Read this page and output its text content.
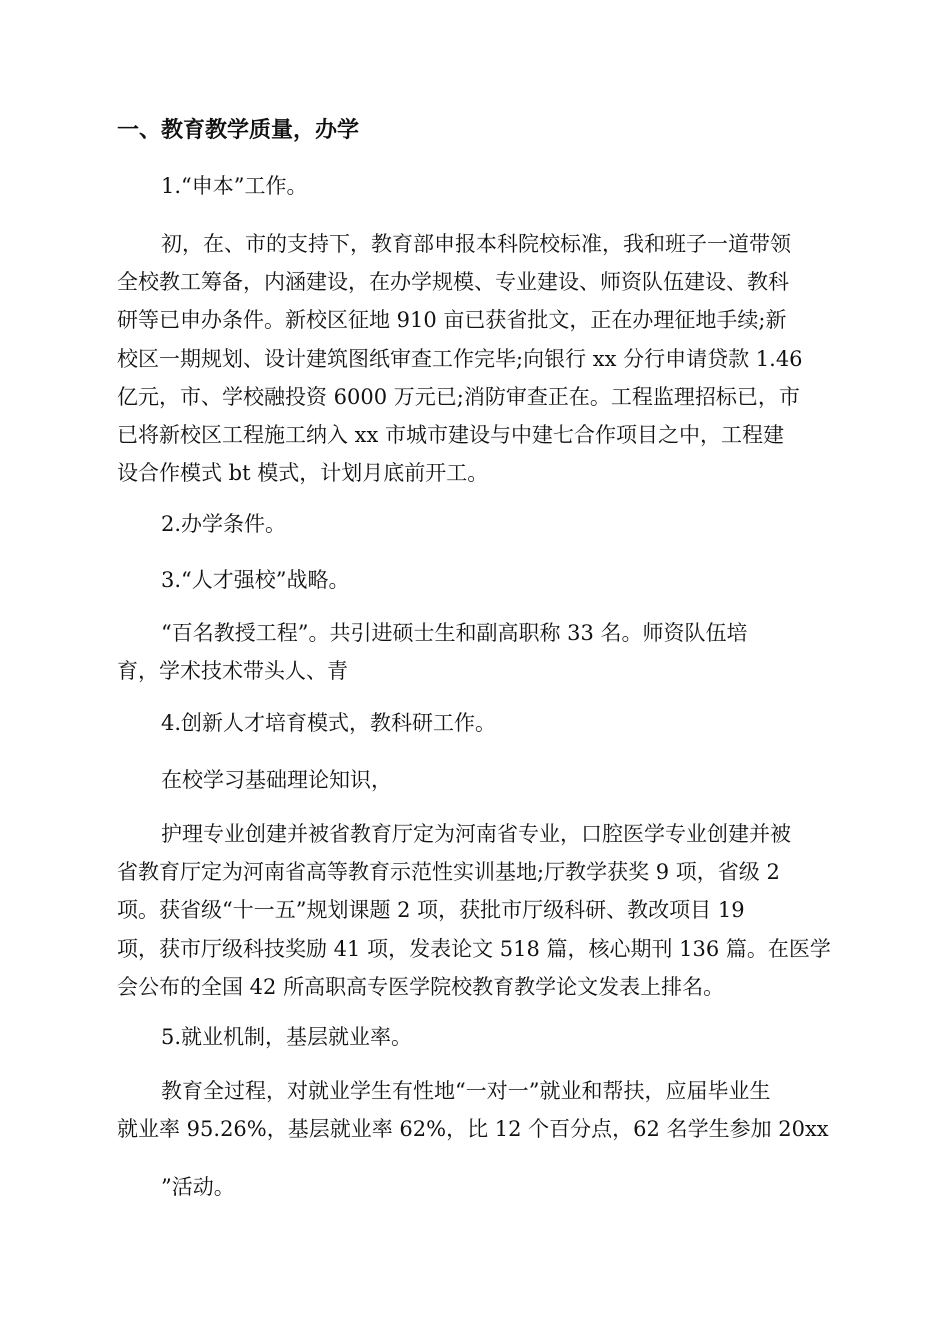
一、教育教学质量，办学

1.“申本”工作。

初，在、市的支持下，教育部申报本科院校标准，我和班子一道带领
全校教工筹备，内涵建设，在办学规模、专业建设、师资队伍建设、教科
研等已申办条件。新校区征地 910 亩已获省批文，正在办理征地手续;新
校区一期规划、设计建筑图纸审查工作完毕;向银行 xx 分行申请贷款 1.46
亿元，市、学校融投资 6000 万元已;消防审查正在。工程监理招标已，市
已将新校区工程施工纳入 xx 市城市建设与中建七合作项目之中，工程建
设合作模式 bt 模式，计划月底前开工。

2.办学条件。

3.“人才强校”战略。

“百名教授工程”。共引进硕士生和副高职称 33 名。师资队伍培
育，学术技术带头人、青

4.创新人才培育模式，教科研工作。

在校学习基础理论知识，

护理专业创建并被省教育厅定为河南省专业，口腔医学专业创建并被
省教育厅定为河南省高等教育示范性实训基地;厅教学获奖 9 项，省级 2
项。获省级“十一五”规划课题 2 项，获批市厅级科研、教改项目 19
项，获市厅级科技奖励 41 项，发表论文 518 篇，核心期刊 136 篇。在医学
会公布的全国 42 所高职高专医学院校教育教学论文发表上排名。

5.就业机制，基层就业率。

教育全过程，对就业学生有性地“一对一”就业和帮扶，应届毕业生
就业率 95.26%，基层就业率 62%，比 12 个百分点，62 名学生参加 20xx

”活动。
